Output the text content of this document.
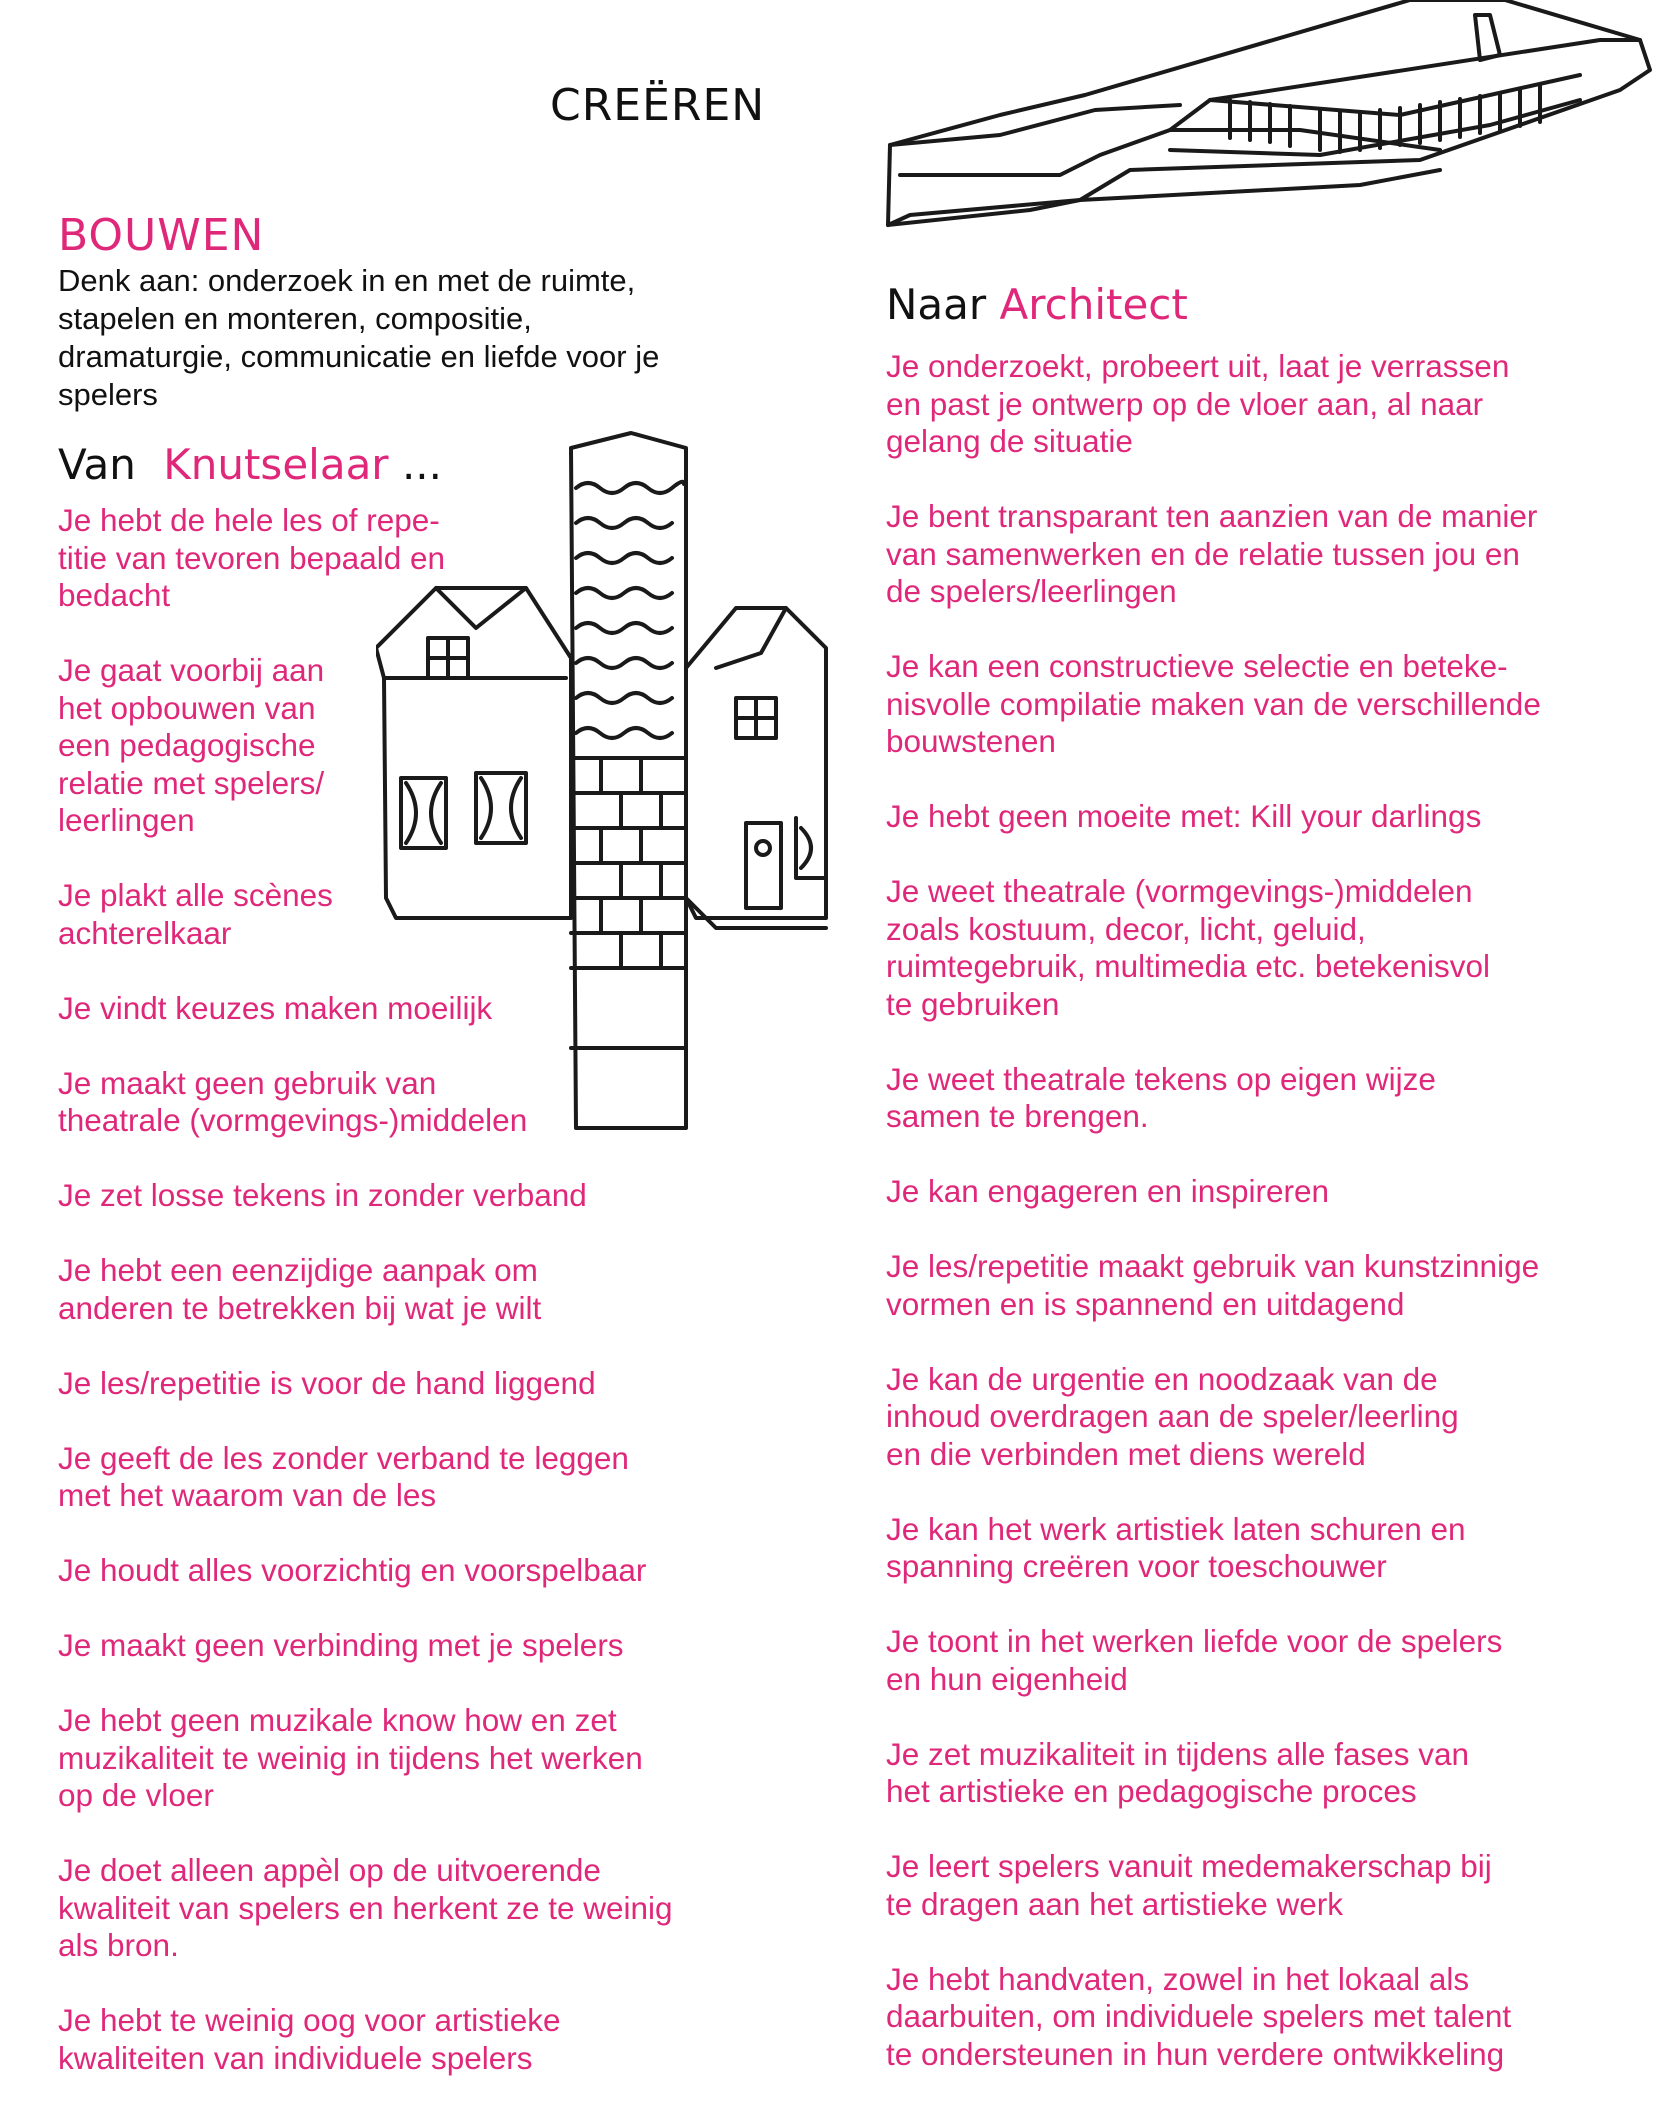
CREËREN
BOUWEN

Denk aan: onderzoek in en met de ruimte,
stapelen en monteren, compositie,
dramaturgie, communicatie en liefde voor je
spelers

Van Knutselaar ...
Je hebt de hele les of repe-
titie van tevoren bepaald en
bedacht
Je gaat voorbij aan
het opbouwen van
een pedagogische
relatie met spelers/
leerlingen
Je plakt alle scènes
achterelkaar
Je vindt keuzes maken moeilijk
Je maakt geen gebruik van
theatrale (vormgevings-)middelen
Je zet losse tekens in zonder verband
Je hebt een eenzijdige aanpak om
anderen te betrekken bij wat je wilt
Je les/repetitie is voor de hand liggend
Je geeft de les zonder verband te leggen
met het waarom van de les
Je houdt alles voorzichtig en voorspelbaar
Je maakt geen verbinding met je spelers
Je hebt geen muzikale know how en zet
muzikaliteit te weinig in tijdens het werken
op de vloer
Je doet alleen appèl op de uitvoerende
kwaliteit van spelers en herkent ze te weinig
als bron.
Je hebt te weinig oog voor artistieke
kwaliteiten van individuele spelers
Naar Architect
Je onderzoekt, probeert uit, laat je verrassen
en past je ontwerp op de vloer aan, al naar
gelang de situatie
Je bent transparant ten aanzien van de manier
van samenwerken en de relatie tussen jou en
de spelers/leerlingen
Je kan een constructieve selectie en beteke-
nisvolle compilatie maken van de verschillende
bouwstenen
Je hebt geen moeite met: Kill your darlings
Je weet theatrale (vormgevings-)middelen
zoals kostuum, decor, licht, geluid,
ruimtegebruik, multimedia etc. betekenisvol
te gebruiken
Je weet theatrale tekens op eigen wijze
samen te brengen.
Je kan engageren en inspireren
Je les/repetitie maakt gebruik van kunstzinnige
vormen en is spannend en uitdagend
Je kan de urgentie en noodzaak van de
inhoud overdragen aan de speler/leerling
en die verbinden met diens wereld
Je kan het werk artistiek laten schuren en
spanning creëren voor toeschouwer
Je toont in het werken liefde voor de spelers
en hun eigenheid
Je zet muzikaliteit in tijdens alle fases van
het artistieke en pedagogische proces
Je leert spelers vanuit medemakerschap bij
te dragen aan het artistieke werk
Je hebt handvaten, zowel in het lokaal als
daarbuiten, om individuele spelers met talent
te ondersteunen in hun verdere ontwikkeling
